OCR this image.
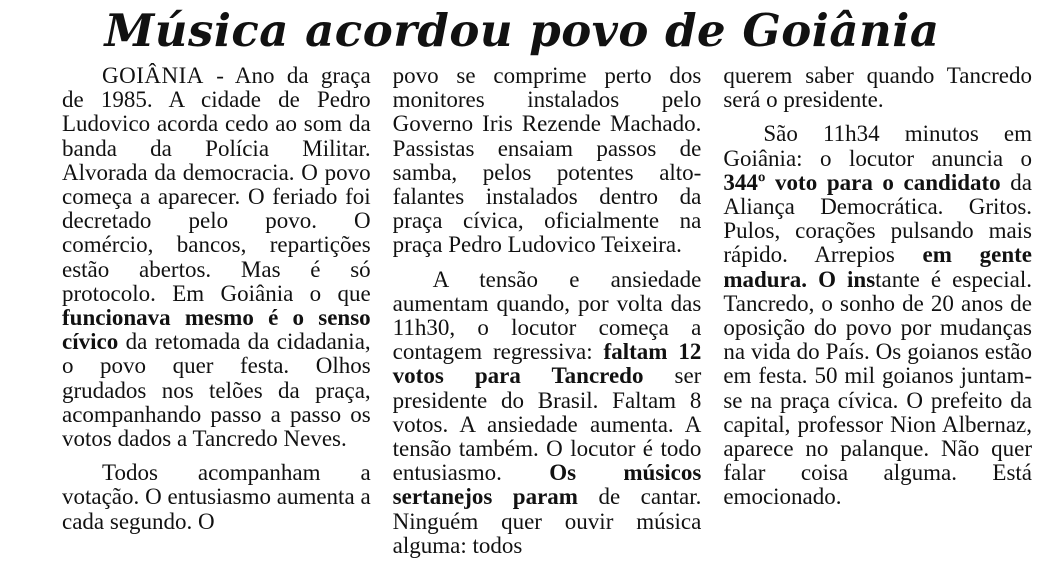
Música acordou povo de Goiânia

GOIÂNIA - Ano da graça de 1985. A cidade de Pedro Ludovico acorda cedo ao som da banda da Polícia Militar. Alvorada da democracia. O povo começa a aparecer. O feriado foi decretado pelo povo. O comércio, bancos, repartições estão abertos. Mas é só protocolo. Em Goiânia o que funcionava mesmo é o senso cívico da retomada da cidadania, o povo quer festa. Olhos grudados nos telões da praça, acompanhando passo a passo os votos dados a Tancredo Neves.

Todos acompanham a votação. O entusiasmo aumenta a cada segundo. O

povo se comprime perto dos monitores instalados pelo Governo Iris Rezende Machado. Passistas ensaiam passos de samba, pelos potentes alto-falantes instalados dentro da praça cívica, oficialmente na praça Pedro Ludovico Teixeira.

A tensão e ansiedade aumentam quando, por volta das 11h30, o locutor começa a contagem regressiva: faltam 12 votos para Tancredo ser presidente do Brasil. Faltam 8 votos. A ansiedade aumenta. A tensão também. O locutor é todo entusiasmo. Os músicos sertanejos param de cantar. Ninguém quer ouvir música alguma: todos

querem saber quando Tancredo será o presidente.

São 11h34 minutos em Goiânia: o locutor anuncia o 344º voto para o candidato da Aliança Democrática. Gritos. Pulos, corações pulsando mais rápido. Arrepios em gente madura. O instante é especial. Tancredo, o sonho de 20 anos de oposição do povo por mudanças na vida do País. Os goianos estão em festa. 50 mil goianos juntam-se na praça cívica. O prefeito da capital, professor Nion Albernaz, aparece no palanque. Não quer falar coisa alguma. Está emocionado.
